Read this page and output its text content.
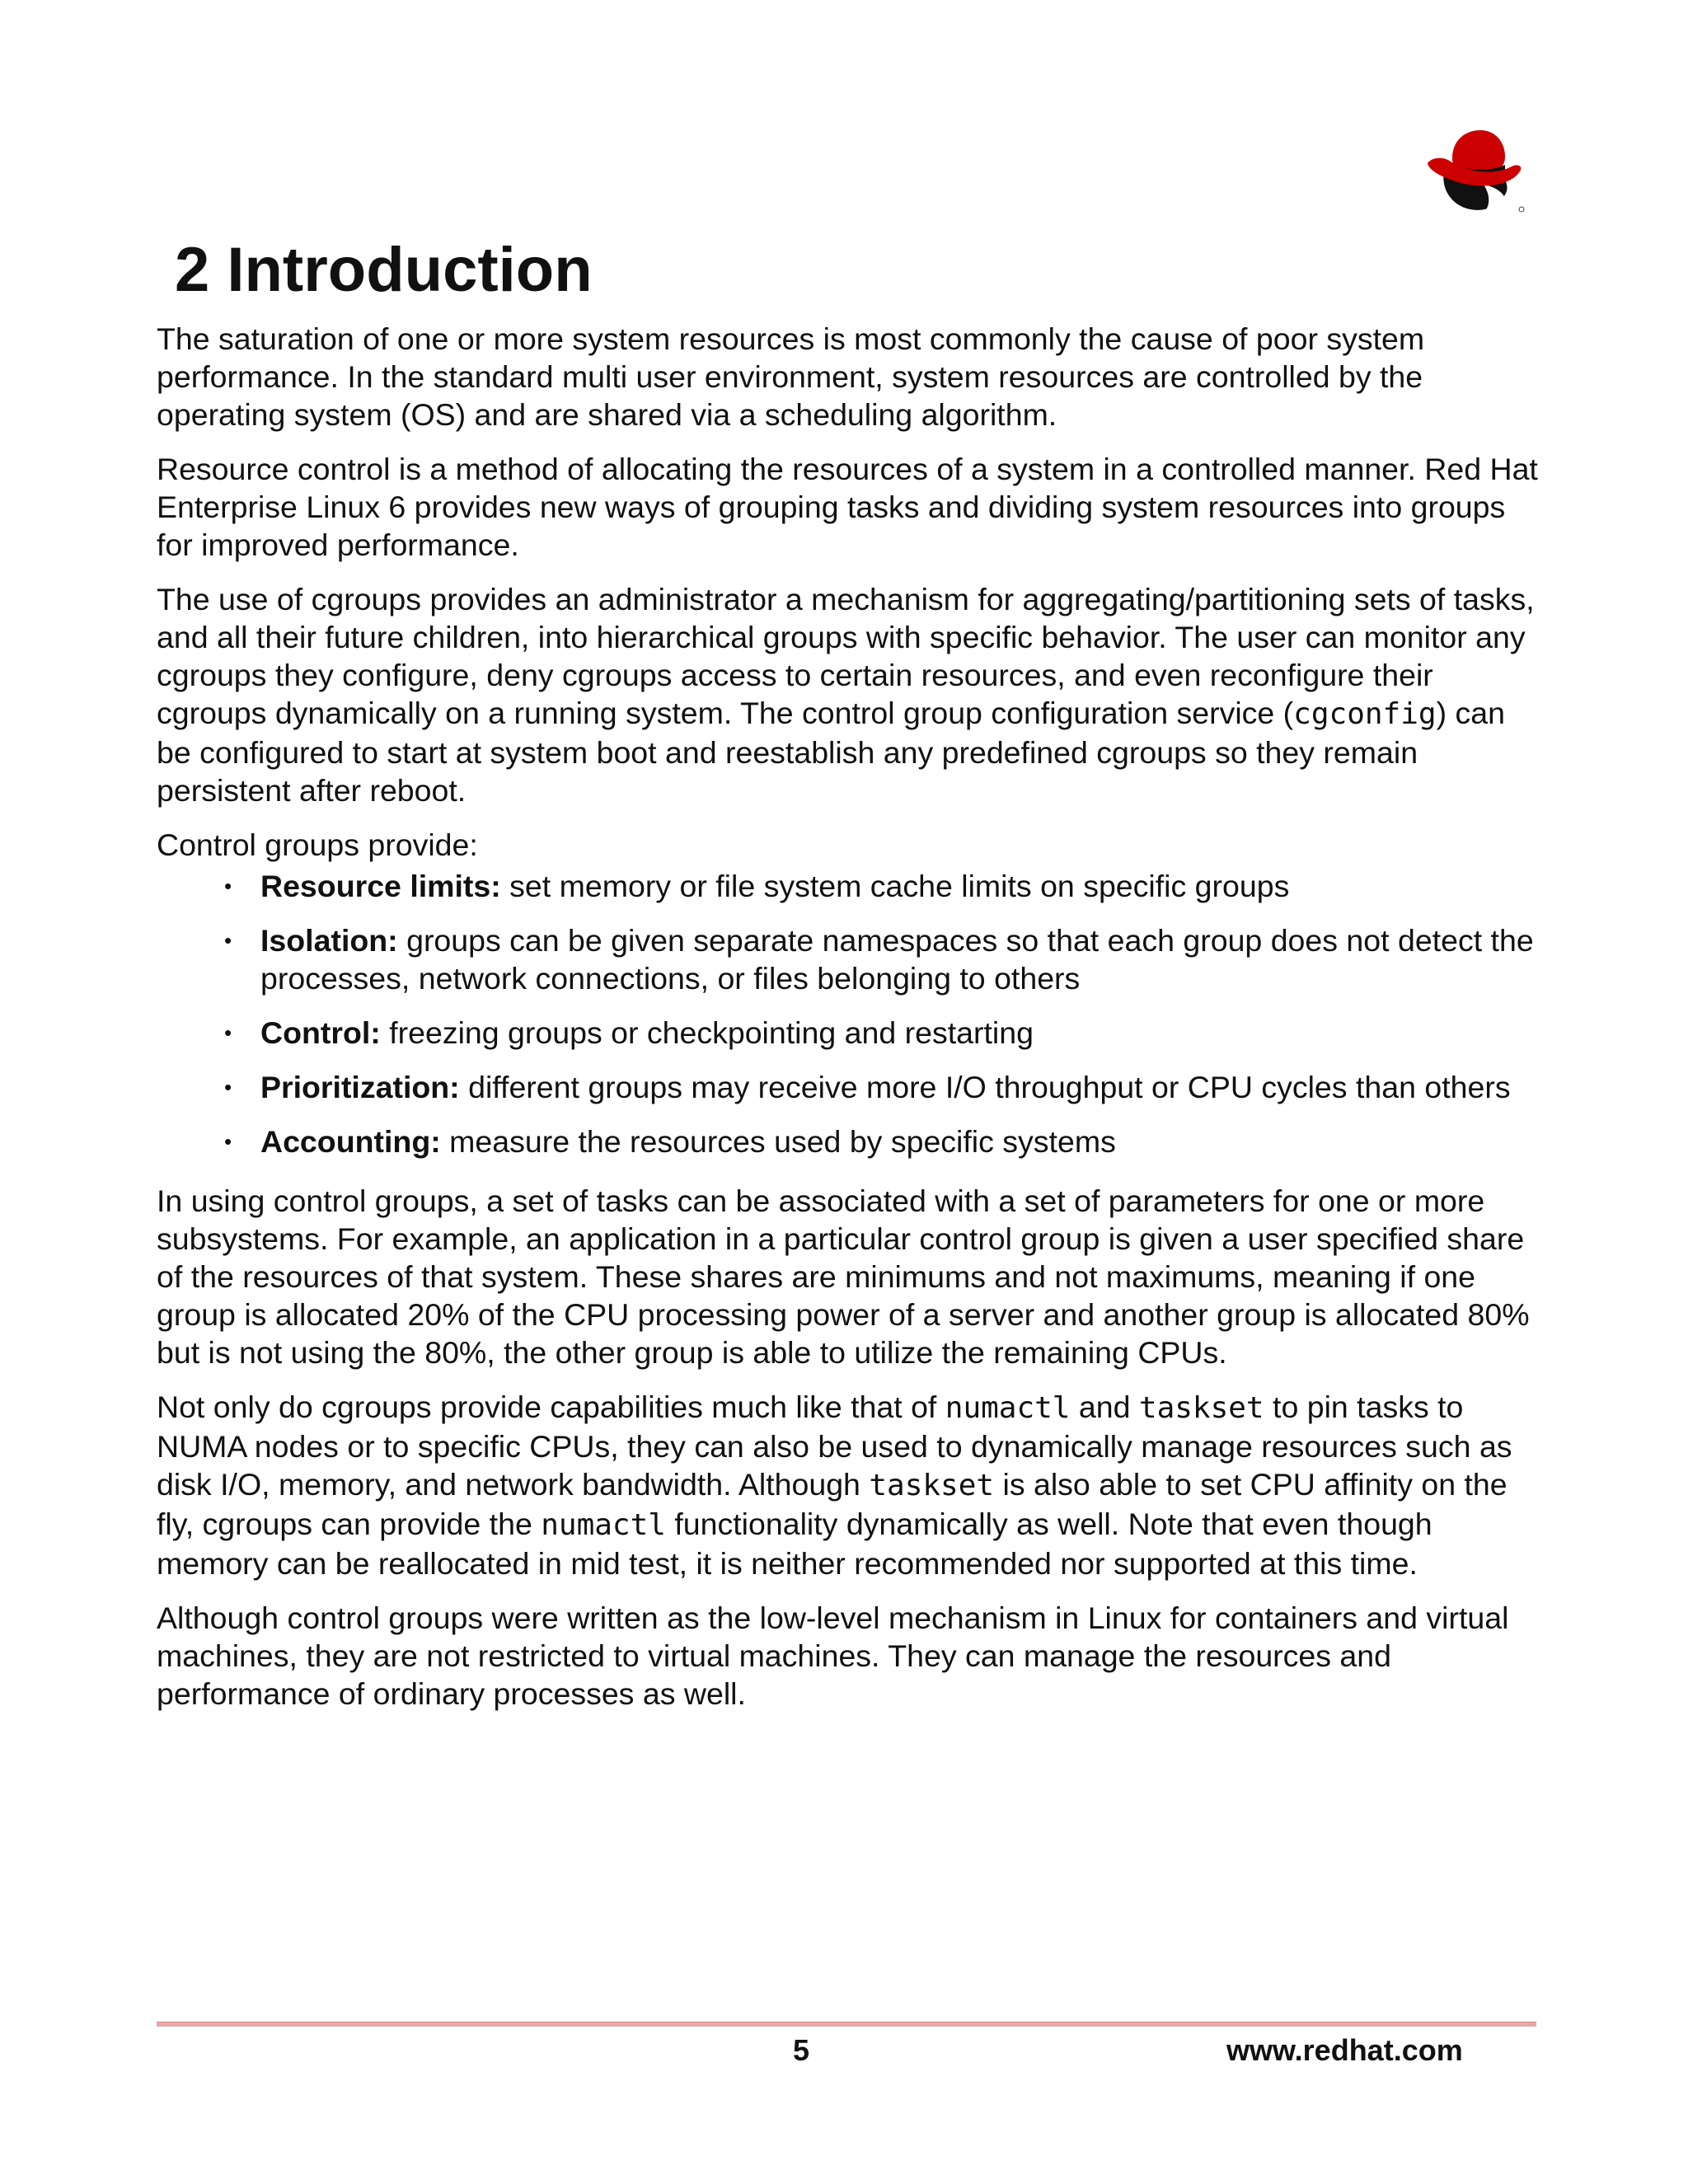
2 Introduction

The saturation of one or more system resources is most commonly the cause of poor system performance. In the standard multi user environment, system resources are controlled by the operating system (OS) and are shared via a scheduling algorithm.

Resource control is a method of allocating the resources of a system in a controlled manner. Red Hat Enterprise Linux 6 provides new ways of grouping tasks and dividing system resources into groups for improved performance.

The use of cgroups provides an administrator a mechanism for aggregating/partitioning sets of tasks, and all their future children, into hierarchical groups with specific behavior. The user can monitor any cgroups they configure, deny cgroups access to certain resources, and even reconfigure their cgroups dynamically on a running system. The control group configuration service (cgconfig) can be configured to start at system boot and reestablish any predefined cgroups so they remain persistent after reboot.

Control groups provide:

• Resource limits: set memory or file system cache limits on specific groups
• Isolation: groups can be given separate namespaces so that each group does not detect the processes, network connections, or files belonging to others
• Control: freezing groups or checkpointing and restarting
• Prioritization: different groups may receive more I/O throughput or CPU cycles than others
• Accounting: measure the resources used by specific systems

In using control groups, a set of tasks can be associated with a set of parameters for one or more subsystems. For example, an application in a particular control group is given a user specified share of the resources of that system. These shares are minimums and not maximums, meaning if one group is allocated 20% of the CPU processing power of a server and another group is allocated 80% but is not using the 80%, the other group is able to utilize the remaining CPUs.

Not only do cgroups provide capabilities much like that of numactl and taskset to pin tasks to NUMA nodes or to specific CPUs, they can also be used to dynamically manage resources such as disk I/O, memory, and network bandwidth. Although taskset is also able to set CPU affinity on the fly, cgroups can provide the numactl functionality dynamically as well. Note that even though memory can be reallocated in mid test, it is neither recommended nor supported at this time.

Although control groups were written as the low-level mechanism in Linux for containers and virtual machines, they are not restricted to virtual machines. They can manage the resources and performance of ordinary processes as well.

5	www.redhat.com
